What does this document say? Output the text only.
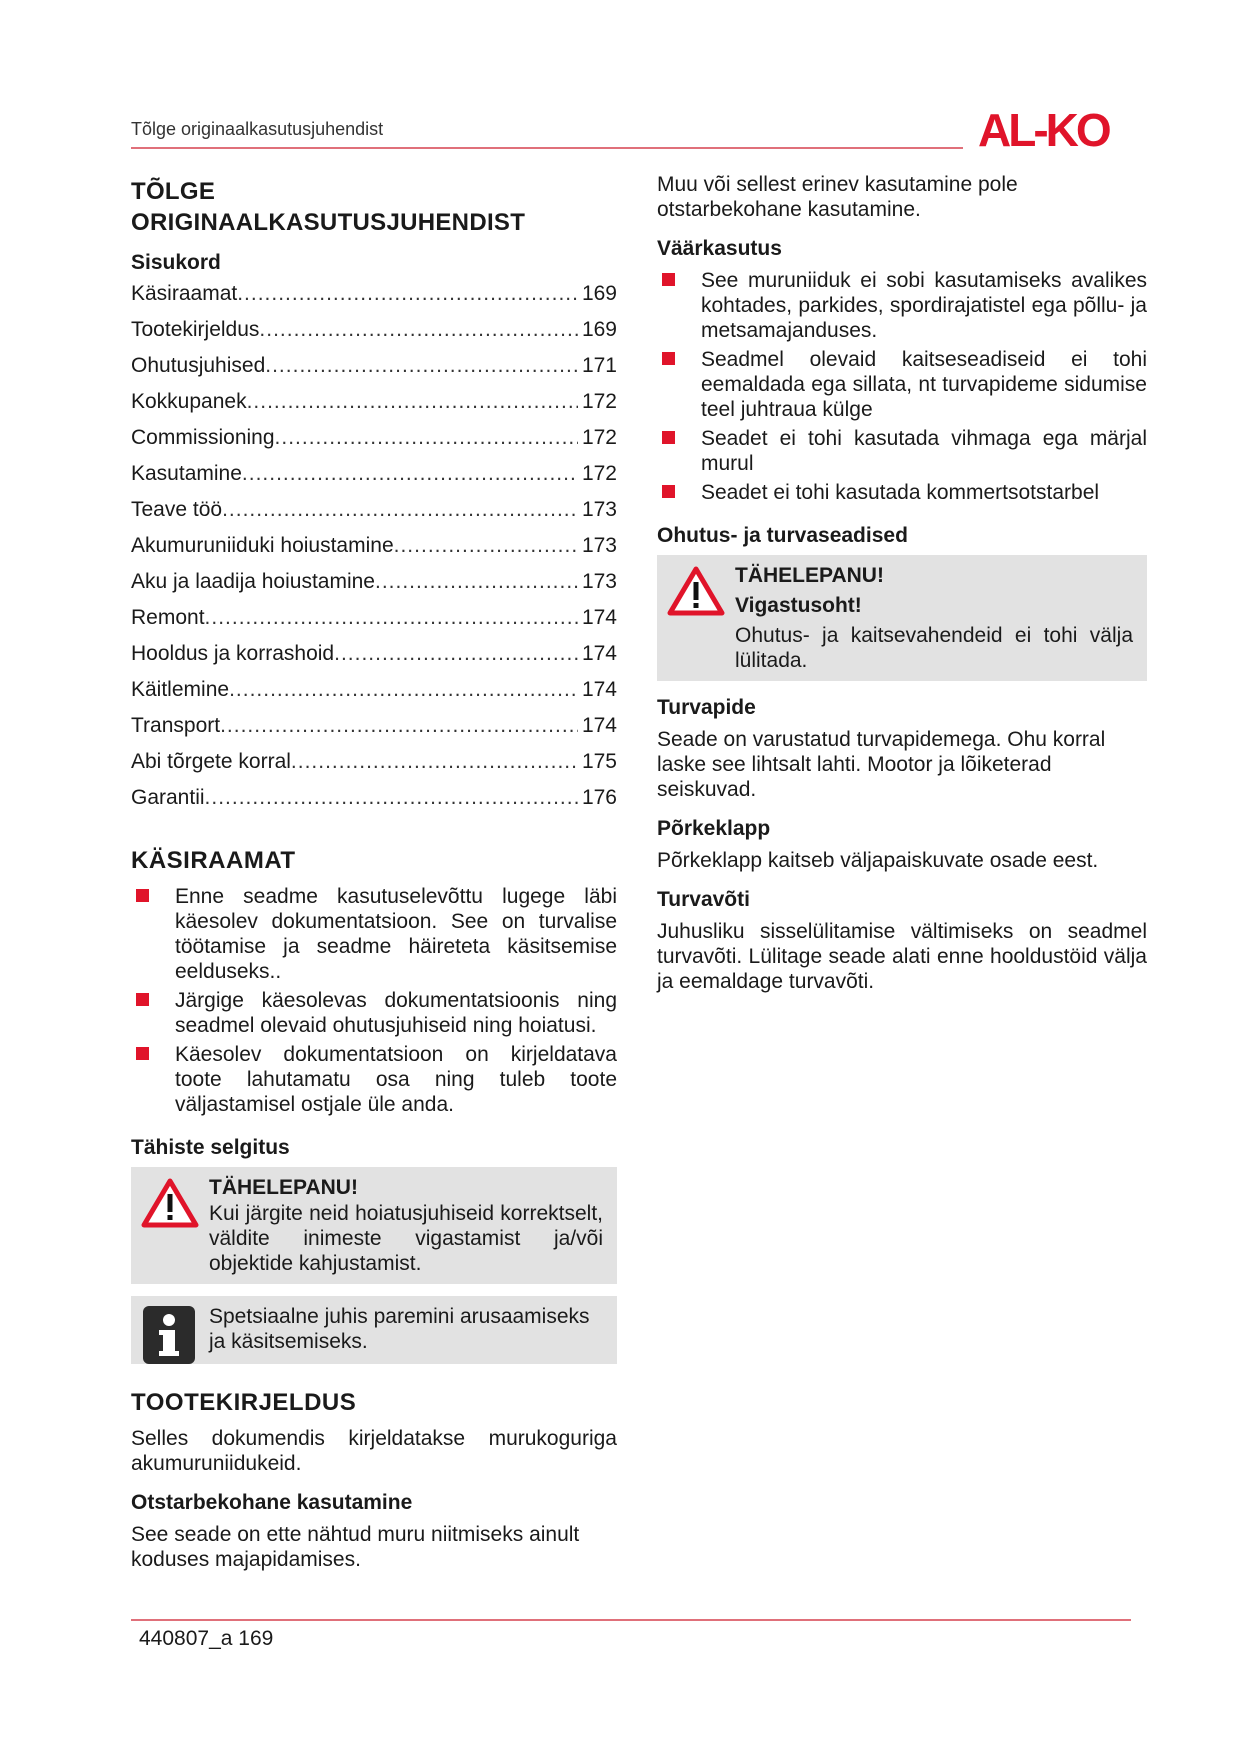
Tõlge originaalkasutusjuhendist	AL-KO
TÕLGE
ORIGINAALKASUTUSJUHENDIST
Sisukord
Käsiraamat .....	169
Tootekirjeldus .....	169
Ohutusjuhised .....	171
Kokkupanek .....	172
Commissioning .....	172
Kasutamine .....	172
Teave töö .....	173
Akumuruniiduki hoiustamine .....	173
Aku ja laadija hoiustamine .....	173
Remont .....	174
Hooldus ja korrashoid .....	174
Käitlemine .....	174
Transport .....	174
Abi tõrgete korral .....	175
Garantii .....	176
KÄSIRAAMAT
Enne seadme kasutuselevõttu lugege läbi käesolev dokumentatsioon. See on turvalise töötamise ja seadme häireteta käsitsemise eelduseks..
Järgige käesolevas dokumentatsioonis ning seadmel olevaid ohutusjuhiseid ning hoiatusi.
Käesolev dokumentatsioon on kirjeldatava toote lahutamatu osa ning tuleb toote väljastamisel ostjale üle anda.
Tähiste selgitus
TÄHELEPANU!
Kui järgite neid hoiatusjuhiseid korrektselt, väldite inimeste vigastamist ja/või objektide kahjustamist.

Spetsiaalne juhis paremini arusaamiseks ja käsitsemiseks.

TOOTEKIRJELDUS

Selles dokumendis kirjeldatakse murukoguriga akumuruniidukeid.

Otstarbekohane kasutamine

See seade on ette nähtud muru niitmiseks ainult koduses majapidamises.

Muu või sellest erinev kasutamine pole otstarbekohane kasutamine.

Väärkasutus
See muruniiduk ei sobi kasutamiseks avalikes kohtades, parkides, spordirajatistel ega põllu- ja metsamajanduses.
Seadmel olevaid kaitseseadiseid ei tohi eemaldada ega sillata, nt turvapideme sidumise teel juhtraua külge
Seadet ei tohi kasutada vihmaga ega märjal murul
Seadet ei tohi kasutada kommertsotstarbel
Ohutus- ja turvaseadised
TÄHELEPANU!
Vigastusoht!
Ohutus- ja kaitsevahendeid ei tohi välja lülitada.
Turvapide

Seade on varustatud turvapidemega. Ohu korral laske see lihtsalt lahti. Mootor ja lõiketerad seiskuvad.

Põrkeklapp

Põrkeklapp kaitseb väljapaiskuvate osade eest.

Turvavõti

Juhusliku sisselülitamise vältimiseks on seadmel turvavõti. Lülitage seade alati enne hooldustöid välja ja eemaldage turvavõti.

440807_a 169
